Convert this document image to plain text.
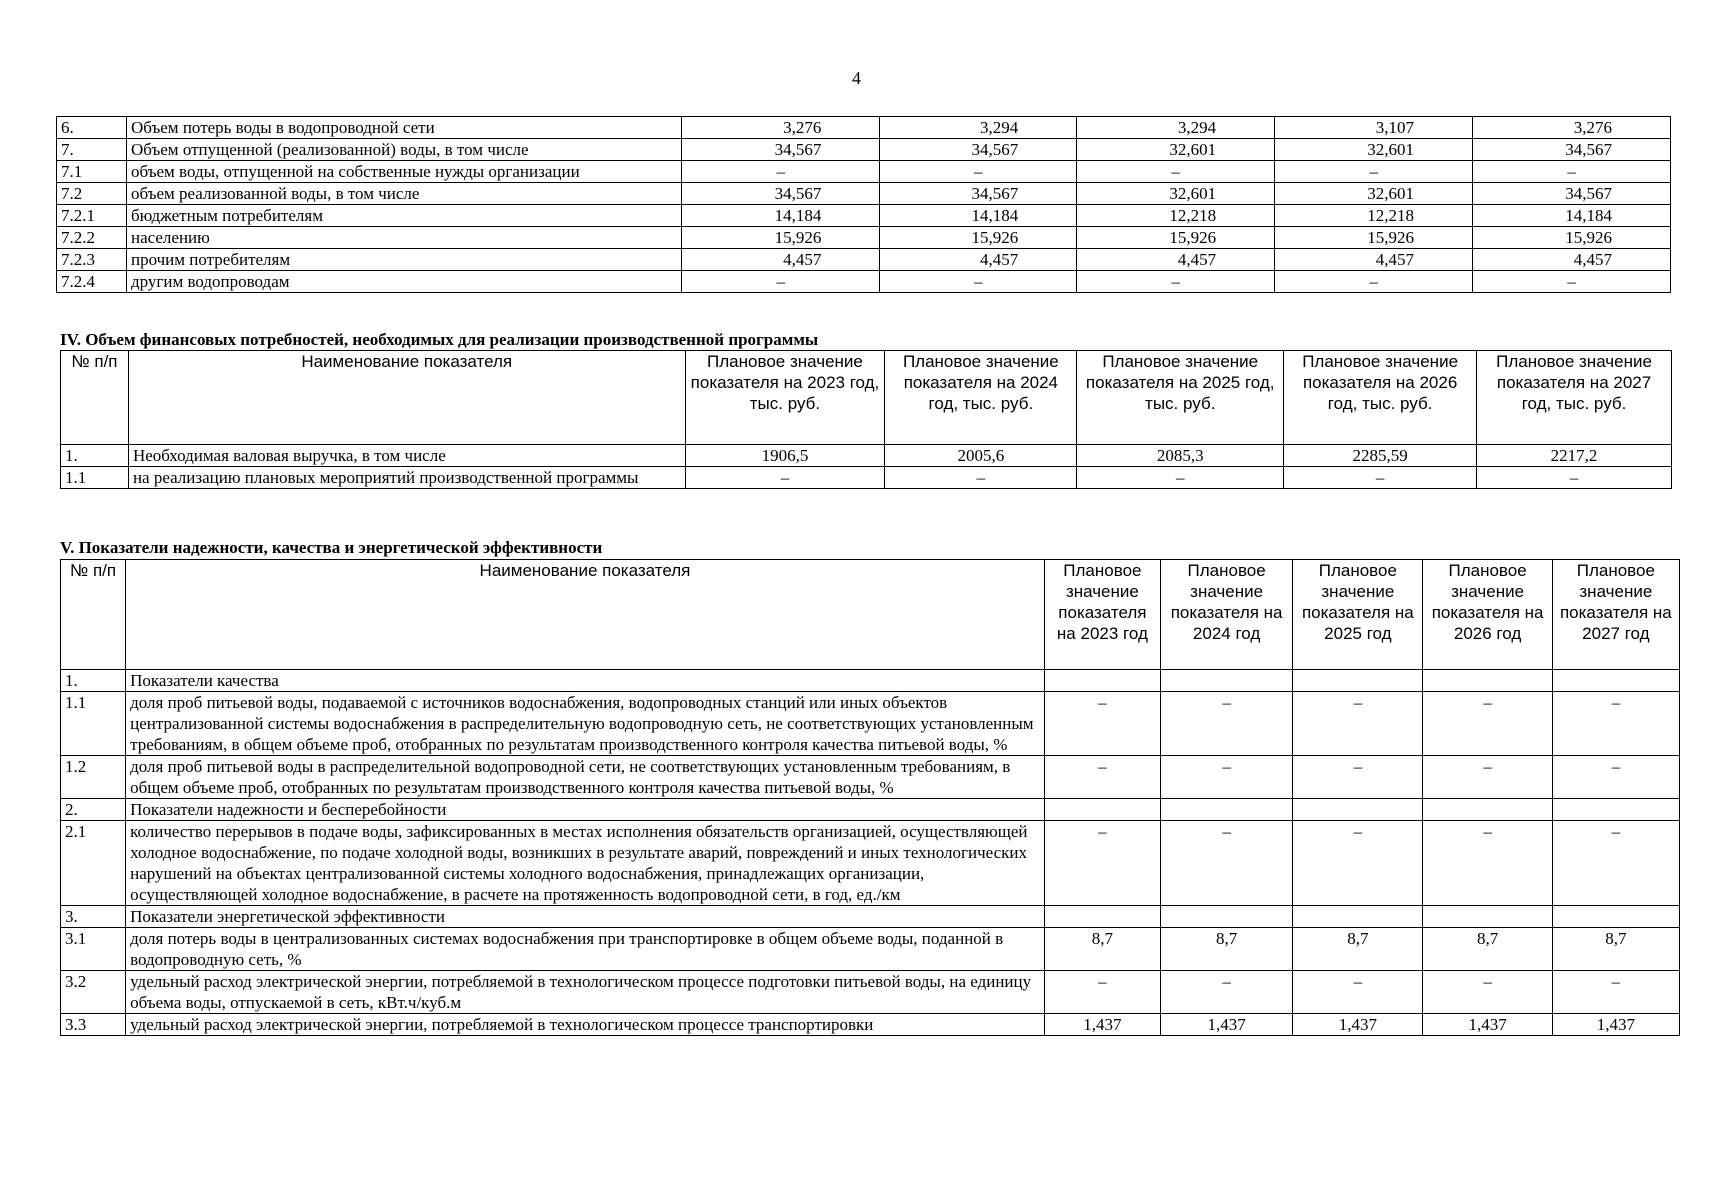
4
6.	Объем потерь воды в водопроводной сети	3,276	3,294	3,294	3,107	3,276
7.	Объем отпущенной (реализованной) воды, в том числе	34,567	34,567	32,601	32,601	34,567
7.1	объем воды, отпущенной на собственные нужды организации	–	–	–	–	–
7.2	объем реализованной воды, в том числе	34,567	34,567	32,601	32,601	34,567
7.2.1	бюджетным потребителям	14,184	14,184	12,218	12,218	14,184
7.2.2	населению	15,926	15,926	15,926	15,926	15,926
7.2.3	прочим потребителям	4,457	4,457	4,457	4,457	4,457
7.2.4	другим водопроводам	–	–	–	–	–
IV. Объем финансовых потребностей, необходимых для реализации производственной программы
№ п/п	Наименование показателя	Плановое значение показателя на 2023 год, тыс. руб.	Плановое значение показателя на 2024 год, тыс. руб.	Плановое значение показателя на 2025 год, тыс. руб.	Плановое значение показателя на 2026 год, тыс. руб.	Плановое значение показателя на 2027 год, тыс. руб.
1.	Необходимая валовая выручка, в том числе	1906,5	2005,6	2085,3	2285,59	2217,2
1.1	на реализацию плановых мероприятий производственной программы	–	–	–	–	–
V. Показатели надежности, качества и энергетической эффективности
№ п/п	Наименование показателя	Плановое значение показателя на 2023 год	Плановое значение показателя на 2024 год	Плановое значение показателя на 2025 год	Плановое значение показателя на 2026 год	Плановое значение показателя на 2027 год
1.	Показатели качества					
1.1	доля проб питьевой воды, подаваемой с источников водоснабжения, водопроводных станций или иных объектов централизованной системы водоснабжения в распределительную водопроводную сеть, не соответствующих установленным требованиям, в общем объеме проб, отобранных по результатам производственного контроля качества питьевой воды, %	–	–	–	–	–
1.2	доля проб питьевой воды в распределительной водопроводной сети, не соответствующих установленным требованиям, в общем объеме проб, отобранных по результатам производственного контроля качества питьевой воды, %	–	–	–	–	–
2.	Показатели надежности и бесперебойности					
2.1	количество перерывов в подаче воды, зафиксированных в местах исполнения обязательств организацией, осуществляющей холодное водоснабжение, по подаче холодной воды, возникших в результате аварий, повреждений и иных технологических нарушений на объектах централизованной системы холодного водоснабжения, принадлежащих организации, осуществляющей холодное водоснабжение, в расчете на протяженность водопроводной сети, в год, ед./км	–	–	–	–	–
3.	Показатели энергетической эффективности					
3.1	доля потерь воды в централизованных системах водоснабжения при транспортировке в общем объеме воды, поданной в водопроводную сеть, %	8,7	8,7	8,7	8,7	8,7
3.2	удельный расход электрической энергии, потребляемой в технологическом процессе подготовки питьевой воды, на единицу объема воды, отпускаемой в сеть, кВт.ч/куб.м	–	–	–	–	–
3.3	удельный расход электрической энергии, потребляемой в технологическом процессе транспортировки	1,437	1,437	1,437	1,437	1,437
